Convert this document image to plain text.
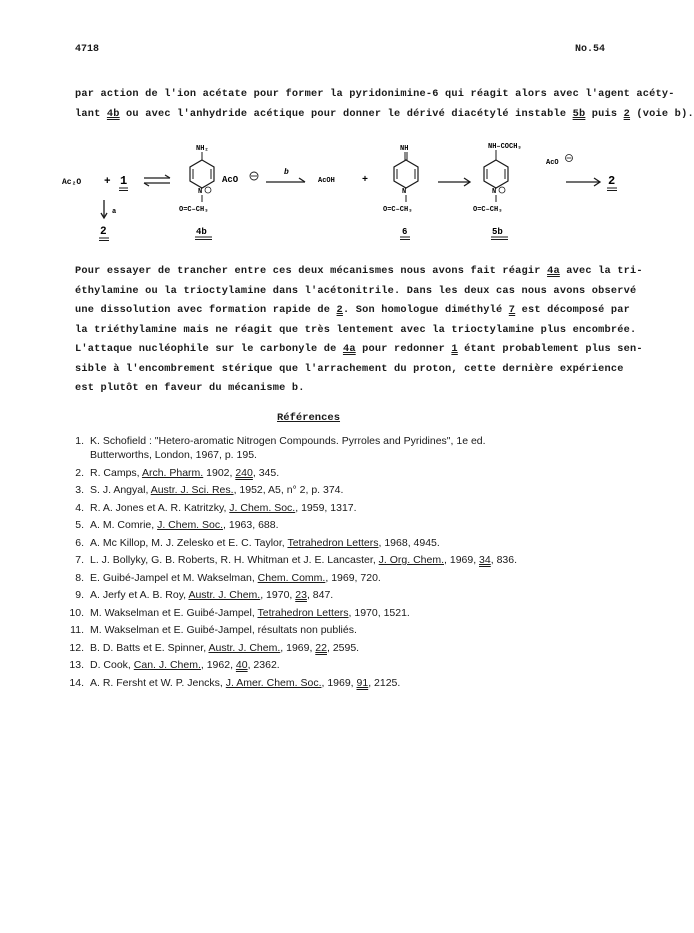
4718	No.54
par action de l'ion acétate pour former la pyridonimine-6 qui réagit alors avec l'agent acéty-
lant 4b ou avec l'anhydride acétique pour donner le dérivé diacétylé instable 5b puis 2 (voie b).
Ac₂O + 1
a
2
NH₂
N
O=C–CH₃
4b
AcO
b
AcOH	+
NH
N
O=C–CH₃
6
NH–COCH₃
N
O=C–CH₃
5b
AcO
2
Pour essayer de trancher entre ces deux mécanismes nous avons fait réagir 4a avec la tri-
éthylamine ou la trioctylamine dans l'acétonitrile. Dans les deux cas nous avons observé
une dissolution avec formation rapide de 2. Son homologue diméthylé 7 est décomposé par
la triéthylamine mais ne réagit que très lentement avec la trioctylamine plus encombrée.
L'attaque nucléophile sur le carbonyle de 4a pour redonner 1 étant probablement plus sen-
sible à l'encombrement stérique que l'arrachement du proton, cette dernière expérience
est plutôt en faveur du mécanisme b.
Références
1. K. Schofield : "Hetero-aromatic Nitrogen Compounds. Pyrroles and Pyridines", 1e ed.
Butterworths, London, 1967, p. 195.
2. R. Camps, Arch. Pharm. 1902, 240, 345.
3. S. J. Angyal, Austr. J. Sci. Res., 1952, A5, n° 2, p. 374.
4. R. A. Jones et A. R. Katritzky, J. Chem. Soc., 1959, 1317.
5. A. M. Comrie, J. Chem. Soc., 1963, 688.
6. A. Mc Killop, M. J. Zelesko et E. C. Taylor, Tetrahedron Letters, 1968, 4945.
7. L. J. Bollyky, G. B. Roberts, R. H. Whitman et J. E. Lancaster, J. Org. Chem., 1969, 34, 836.
8. E. Guibé-Jampel et M. Wakselman, Chem. Comm., 1969, 720.
9. A. Jerfy et A. B. Roy, Austr. J. Chem., 1970, 23, 847.
10. M. Wakselman et E. Guibé-Jampel, Tetrahedron Letters, 1970, 1521.
11. M. Wakselman et E. Guibé-Jampel, résultats non publiés.
12. B. D. Batts et E. Spinner, Austr. J. Chem., 1969, 22, 2595.
13. D. Cook, Can. J. Chem., 1962, 40, 2362.
14. A. R. Fersht et W. P. Jencks, J. Amer. Chem. Soc., 1969, 91, 2125.
